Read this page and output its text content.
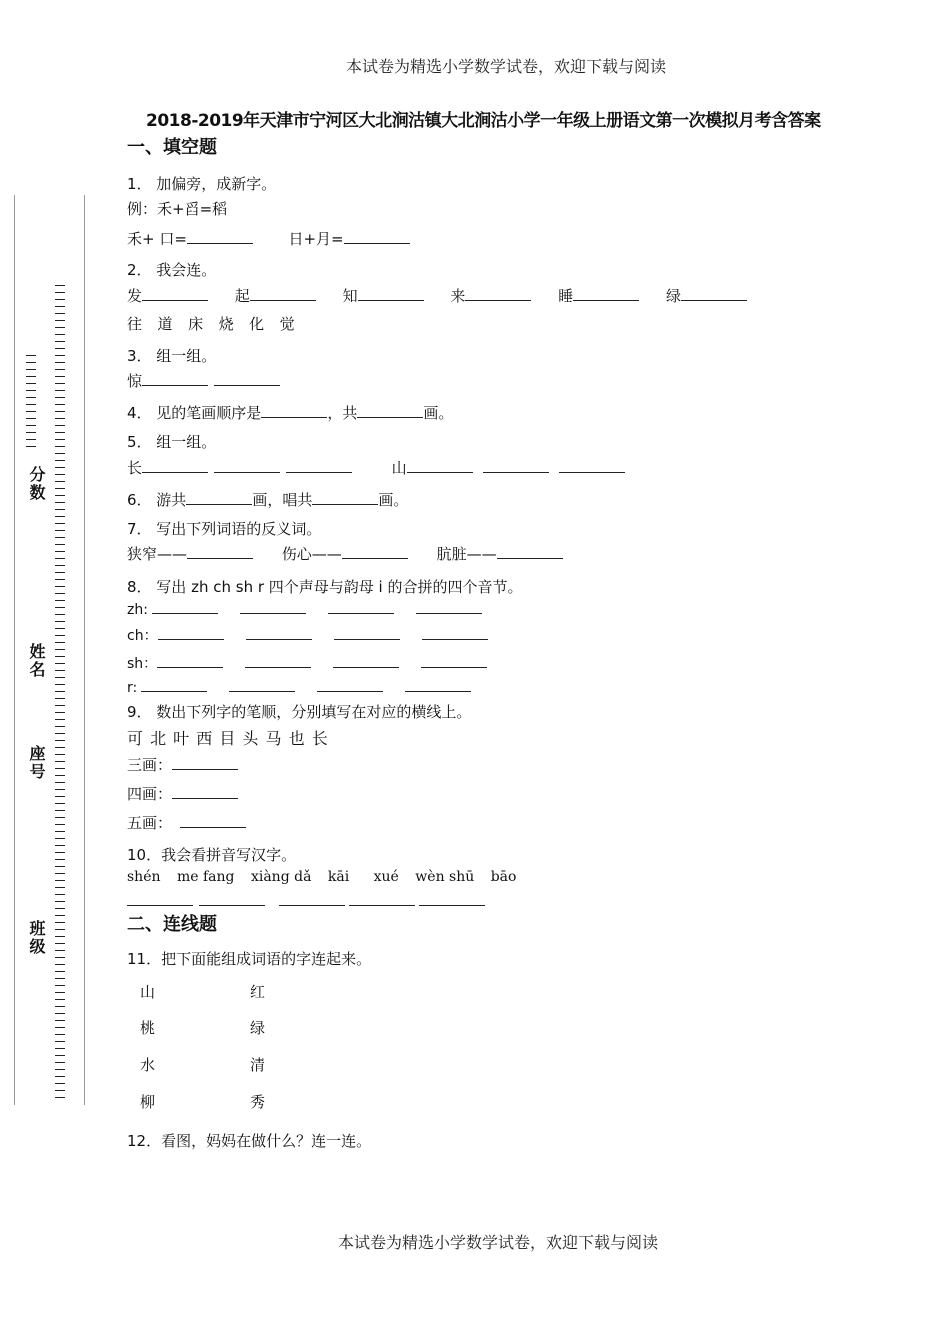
本试卷为精选小学数学试卷，欢迎下载与阅读
2018-2019年天津市宁河区大北涧沽镇大北涧沽小学一年级上册语文第一次模拟月考含答案
分数
姓名
座号
班级
一、填空题
1． 加偏旁，成新字。
例：禾+舀=稻
禾+ 口=	日+月=
2． 我会连。
发	起	知	来	睡	绿
往  道  床  烧  化  觉
3． 组一组。
惊
4． 见的笔画顺序是	，共	画。
5． 组一组。
长	山
6． 游共	画，唱共	画。
7． 写出下列词语的反义词。
狭窄——	伤心——	肮脏——
8． 写出 zh ch sh r 四个声母与韵母 i 的合拼的四个音节。
zh:
ch：
sh：
r:
9． 数出下列字的笔顺，分别填写在对应的横线上。
可 北 叶 西 目 头 马 也 长
三画：
四画：
五画：
10．我会看拼音写汉字。
shén me fang xiàng dǎ kāi xué wèn shū bāo
二、连线题
11．把下面能组成词语的字连起来。
山
桃
水
柳
红
绿
清
秀
12．看图，妈妈在做什么？连一连。
本试卷为精选小学数学试卷，欢迎下载与阅读
